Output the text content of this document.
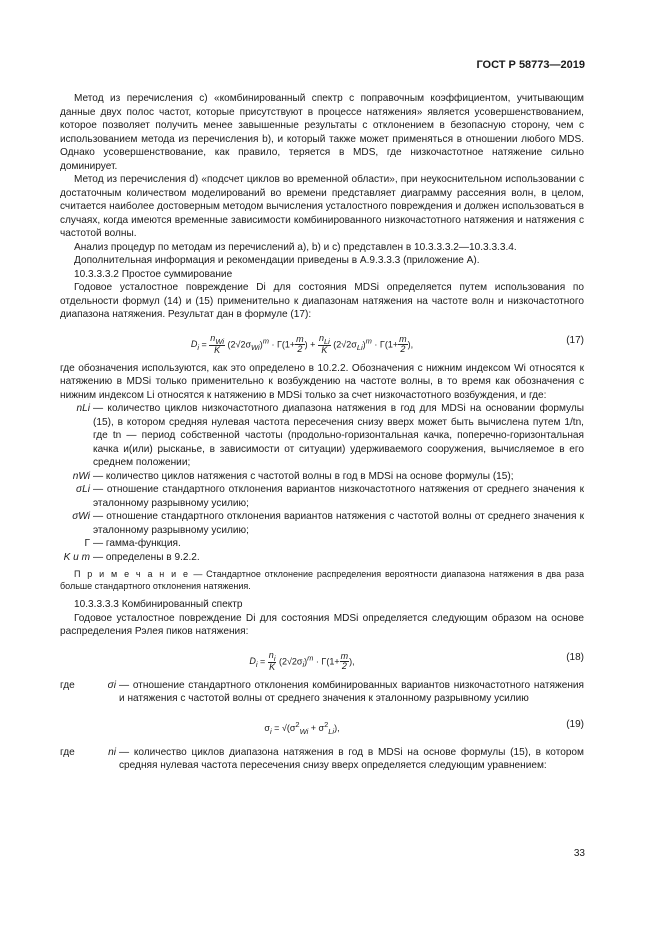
ГОСТ Р 58773—2019

Метод из перечисления c) «комбинированный спектр с поправочным коэффициентом, учитывающим данные двух полос частот, которые присутствуют в процессе натяжения» является усовершенствованием, которое позволяет получить менее завышенные результаты с отклонением в безопасную сторону, чем с использованием метода из перечисления b), и который также может применяться в отношении любого MDS. Однако усовершенствование, как правило, теряется в MDS, где низкочастотное натяжение сильно доминирует.

Метод из перечисления d) «подсчет циклов во временной области», при неукоснительном использовании с достаточным количеством моделирований во времени представляет диаграмму рассеяния волн, в целом, считается наиболее достоверным методом вычисления усталостного повреждения и должен использоваться в случаях, когда имеются временные зависимости комбинированного низкочастотного натяжения и натяжения с частотой волны.

Анализ процедур по методам из перечислений a), b) и c) представлен в 10.3.3.3.2—10.3.3.3.4.

Дополнительная информация и рекомендации приведены в А.9.3.3.3 (приложение А).

10.3.3.3.2 Простое суммирование

Годовое усталостное повреждение Di для состояния MDSi определяется путем использования по отдельности формул (14) и (15) применительно к диапазонам натяжения на частоте волн и низкочастотного диапазона натяжения. Результат дан в формуле (17):

$D_i = \frac{n_{Wi}}{K} (2√2\sigma_{Wi})^m \cdot \Gamma(1+ \frac{m}{2}$ ) + $\frac{n_{Li}}{K} (2√2\sigma_{Li})^m \cdot \Gamma(1+ \frac{m}{2}$ ),	(17)

где обозначения используются, как это определено в 10.2.2. Обозначения с нижним индексом Wi относятся к натяжению в MDSi только применительно к возбуждению на частоте волны, в то время как обозначения с нижним индексом Li относятся к натяжению в MDSi только за счет низкочастотного возбуждения, и где:

nLi — количество циклов низкочастотного диапазона натяжения в год для MDSi на основании формулы (15), в котором средняя нулевая частота пересечения снизу вверх может быть вычислена путем 1/tn, где tn — период собственной частоты (продольно-горизонтальная качка, поперечно-горизонтальная качка и(или) рысканье, в зависимости от ситуации) удерживаемого сооружения, вычисляемое в его среднем положении;
nWi — количество циклов натяжения с частотой волны в год в MDSi на основе формулы (15);
σLi — отношение стандартного отклонения вариантов низкочастотного натяжения от среднего значения к эталонному разрывному усилию;
σWi — отношение стандартного отклонения вариантов натяжения с частотой волны от среднего значения к эталонному разрывному усилию;
Γ — гамма-функция.
K и m — определены в 9.2.2.

П р и м е ч а н и е — Стандартное отклонение распределения вероятности диапазона натяжения в два раза больше стандартного отклонения натяжения.

10.3.3.3.3 Комбинированный спектр

Годовое усталостное повреждение Di для состояния MDSi определяется следующим образом на основе распределения Рэлея пиков натяжения:

$D_i = \frac{n_i}{K} (2√2\sigma_i)^m \cdot \Gamma(1+ \frac{m}{2}$ ),	(18)
где	σi — отношение стандартного отклонения комбинированных вариантов низкочастотного натяжения и натяжения с частотой волны от среднего значения к эталонному разрывному усилию
$\sigma_i = √(\sigma^2_{Wi} + \sigma^2_{Li})$,	(19)
где	ni — количество циклов диапазона натяжения в год в MDSi на основе формулы (15), в котором средняя нулевая частота пересечения снизу вверх определяется следующим уравнением:
33
